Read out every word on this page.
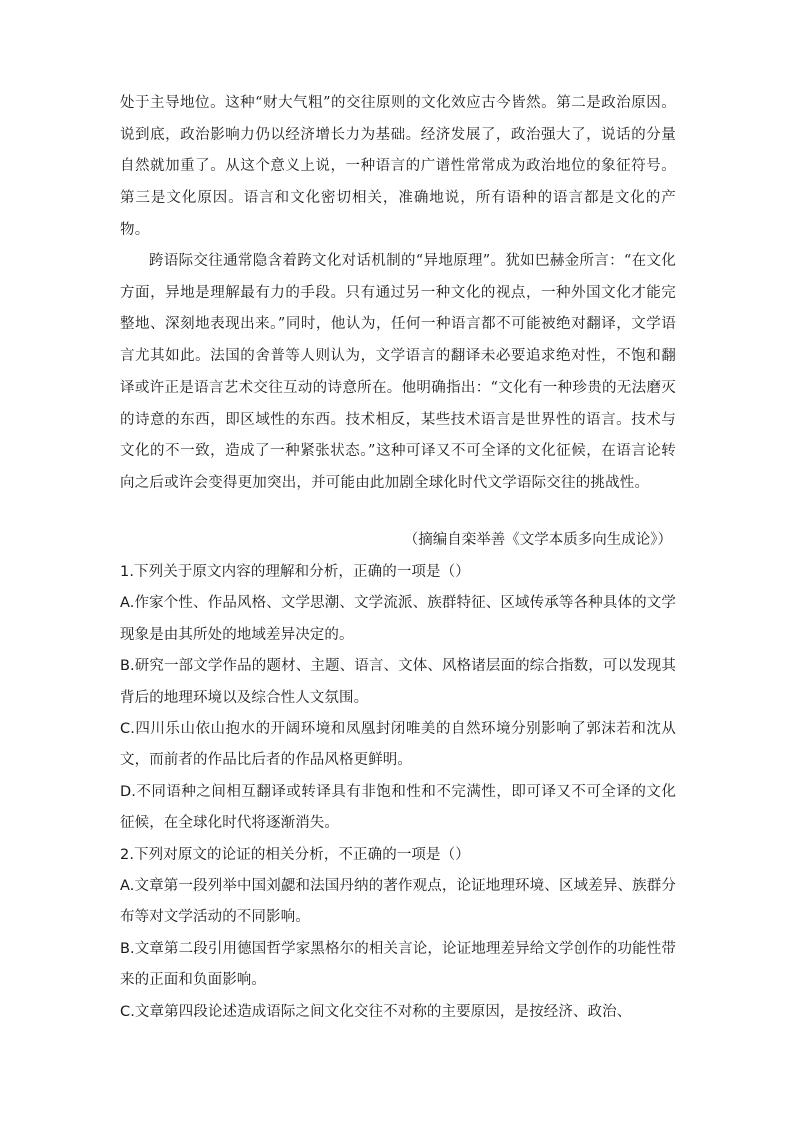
处于主导地位。这种“财大气粗”的交往原则的文化效应古今皆然。第二是政治原因。说到底，政治影响力仍以经济增长力为基础。经济发展了，政治强大了，说话的分量自然就加重了。从这个意义上说，一种语言的广谱性常常成为政治地位的象征符号。第三是文化原因。语言和文化密切相关，准确地说，所有语种的语言都是文化的产物。

跨语际交往通常隐含着跨文化对话机制的“异地原理”。犹如巴赫金所言：“在文化方面，异地是理解最有力的手段。只有通过另一种文化的视点，一种外国文化才能完整地、深刻地表现出来。”同时，他认为，任何一种语言都不可能被绝对翻译，文学语言尤其如此。法国的舍普等人则认为，文学语言的翻译未必要追求绝对性，不饱和翻译或许正是语言艺术交往互动的诗意所在。他明确指出：“文化有一种珍贵的无法磨灭的诗意的东西，即区域性的东西。技术相反，某些技术语言是世界性的语言。技术与文化的不一致，造成了一种紧张状态。”这种可译又不可全译的文化征候，在语言论转向之后或许会变得更加突出，并可能由此加剧全球化时代文学语际交往的挑战性。

（摘编自栾举善《文学本质多向生成论》）

1.下列关于原文内容的理解和分析，正确的一项是（）
A.作家个性、作品风格、文学思潮、文学流派、族群特征、区域传承等各种具体的文学现象是由其所处的地域差异决定的。
B.研究一部文学作品的题材、主题、语言、文体、风格诸层面的综合指数，可以发现其背后的地理环境以及综合性人文氛围。
C.四川乐山依山抱水的开阔环境和凤凰封闭唯美的自然环境分别影响了郭沫若和沈从文，而前者的作品比后者的作品风格更鲜明。
D.不同语种之间相互翻译或转译具有非饱和性和不完满性，即可译又不可全译的文化征候，在全球化时代将逐渐消失。
2.下列对原文的论证的相关分析，不正确的一项是（）
A.文章第一段列举中国刘勰和法国丹纳的著作观点，论证地理环境、区域差异、族群分布等对文学活动的不同影响。
B.文章第二段引用德国哲学家黑格尔的相关言论，论证地理差异给文学创作的功能性带来的正面和负面影响。
C.文章第四段论述造成语际之间文化交往不对称的主要原因，是按经济、政治、
